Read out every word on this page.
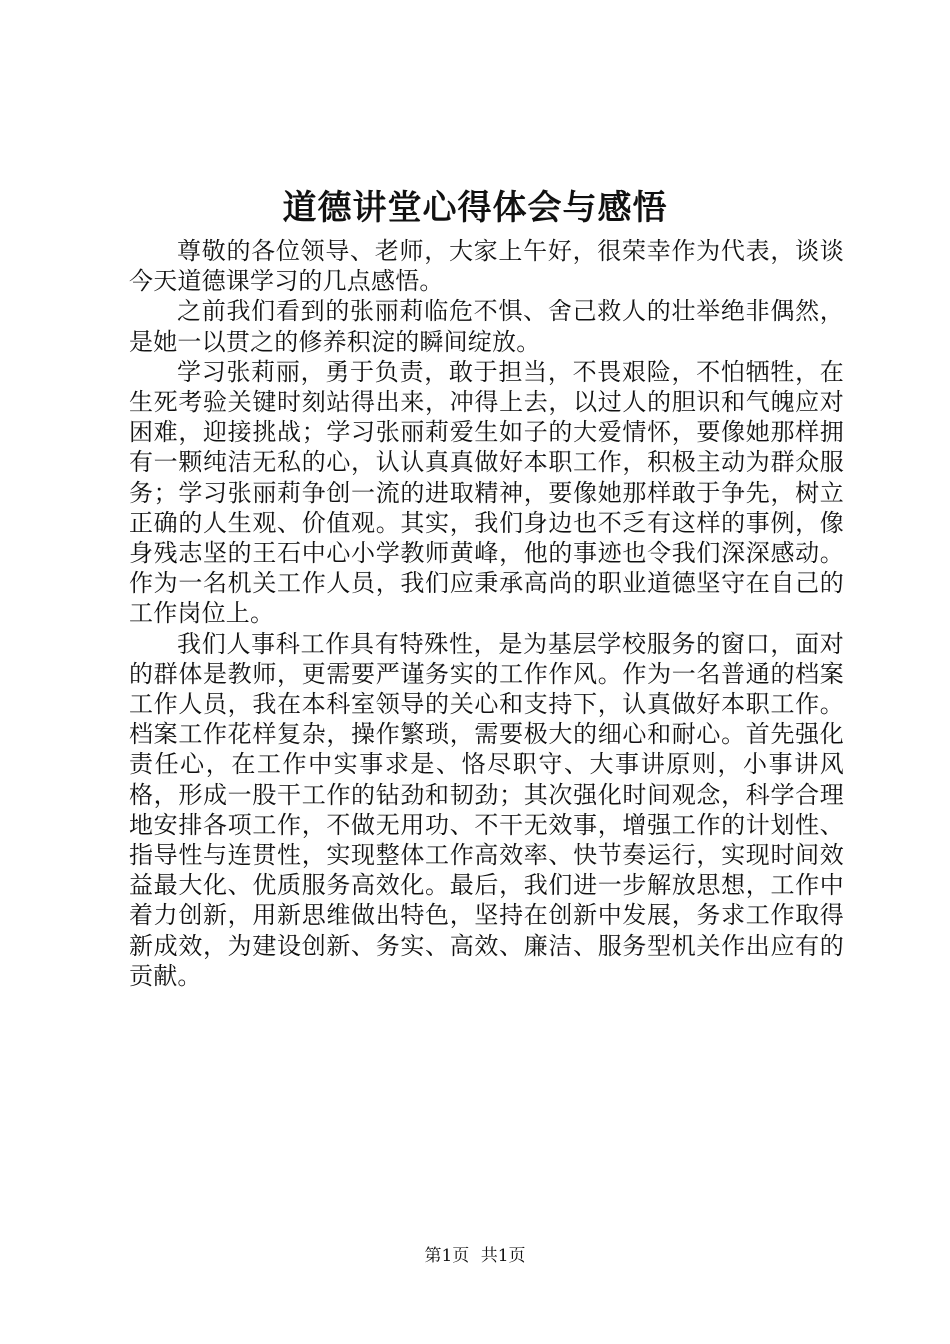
道德讲堂心得体会与感悟

尊敬的各位领导、老师，大家上午好，很荣幸作为代表，谈谈今天道德课学习的几点感悟。

之前我们看到的张丽莉临危不惧、舍己救人的壮举绝非偶然，是她一以贯之的修养积淀的瞬间绽放。

学习张莉丽，勇于负责，敢于担当，不畏艰险，不怕牺牲，在生死考验关键时刻站得出来，冲得上去，以过人的胆识和气魄应对困难，迎接挑战；学习张丽莉爱生如子的大爱情怀，要像她那样拥有一颗纯洁无私的心，认认真真做好本职工作，积极主动为群众服务；学习张丽莉争创一流的进取精神，要像她那样敢于争先，树立正确的人生观、价值观。其实，我们身边也不乏有这样的事例，像身残志坚的王石中心小学教师黄峰，他的事迹也令我们深深感动。作为一名机关工作人员，我们应秉承高尚的职业道德坚守在自己的工作岗位上。

我们人事科工作具有特殊性，是为基层学校服务的窗口，面对的群体是教师，更需要严谨务实的工作作风。作为一名普通的档案工作人员，我在本科室领导的关心和支持下，认真做好本职工作。档案工作花样复杂，操作繁琐，需要极大的细心和耐心。首先强化责任心，在工作中实事求是、恪尽职守、大事讲原则，小事讲风格，形成一股干工作的钻劲和韧劲；其次强化时间观念，科学合理地安排各项工作，不做无用功、不干无效事，增强工作的计划性、指导性与连贯性，实现整体工作高效率、快节奏运行，实现时间效益最大化、优质服务高效化。最后，我们进一步解放思想，工作中着力创新，用新思维做出特色，坚持在创新中发展，务求工作取得新成效，为建设创新、务实、高效、廉洁、服务型机关作出应有的贡献。

第1页 共1页
